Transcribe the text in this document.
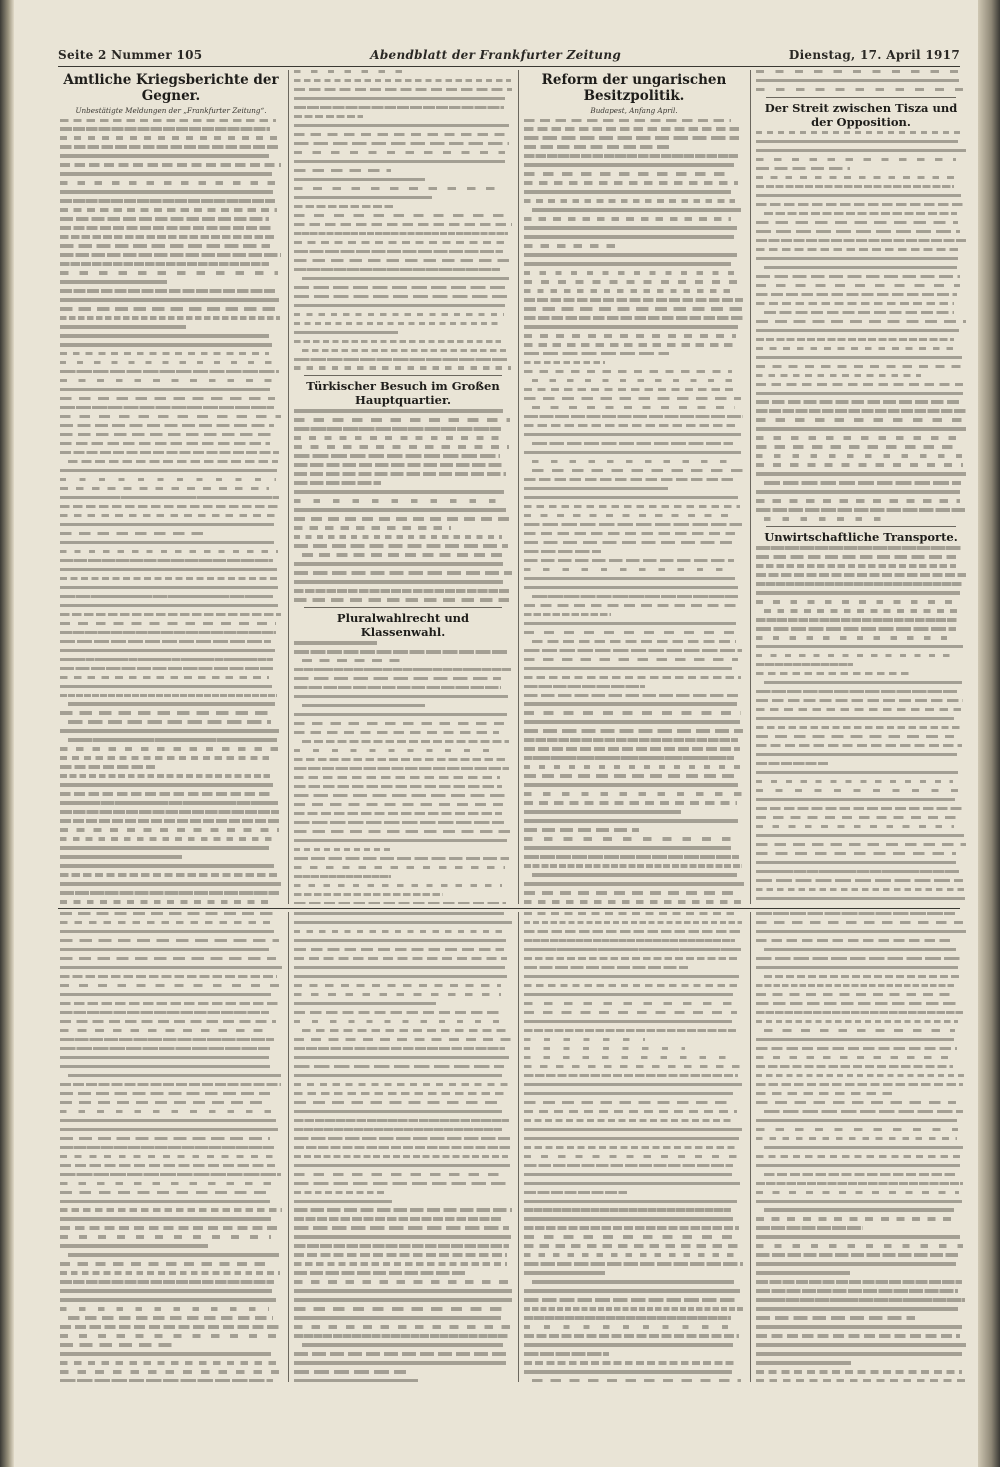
Seite 2 Nummer 105	Abendblatt der Frankfurter Zeitung	Dienstag, 17. April 1917
Amtliche Kriegsberichte der Gegner.
Unbestätigte Meldungen der „Frankfurter Zeitung“.
Türkischer Besuch im Großen Hauptquartier.
Pluralwahlrecht und Klassenwahl.
Reform der ungarischen Besitzpolitik.
Budapest, Anfang April.	Der Streit zwischen Tisza und der Opposition.
Unwirtschaftliche Transporte.
